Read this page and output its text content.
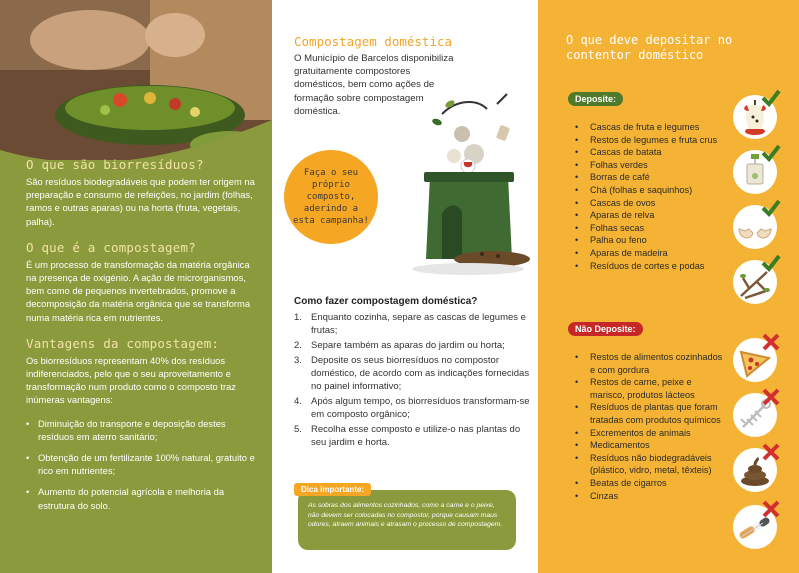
O que são biorresíduos?

São resíduos biodegradáveis que podem ter origem na preparação e consumo de refeições, no jardim (folhas, ramos e outras aparas) ou na horta (fruta, vegetais, palha).

O que é a compostagem?

É um processo de transformação da matéria orgânica na presença de oxigénio. A ação de microrganismos, bem como de pequenos invertebrados, promove a decomposição da matéria orgânica que se transforma numa matéria rica em nutrientes.

Vantagens da compostagem:

Os biorresíduos representam 40% dos resíduos indiferenciados, pelo que o seu aproveitamento e transformação num produto como o composto traz inúmeras vantagens:

• Diminuição do transporte e deposição destes resíduos em aterro sanitário;
• Obtenção de um fertilizante 100% natural, gratuito e rico em nutrientes;
• Aumento do potencial agrícola e melhoria da estrutura do solo.
Compostagem doméstica
O Município de Barcelos disponibiliza gratuitamente compostores domésticos, bem como ações de formação sobre compostagem doméstica.
Faça o seu próprio composto, aderindo a esta campanha!
Como fazer compostagem doméstica?
1. Enquanto cozinha, separe as cascas de legumes e frutas;
2. Separe também as aparas do jardim ou horta;
3. Deposite os seus biorresíduos no compostor doméstico, de acordo com as indicações fornecidas no painel informativo;
4. Após algum tempo, os biorresíduos transformam-se em composto orgânico;
5. Recolha esse composto e utilize-o nas plantas do seu jardim e horta.
Dica importante:

As sobras dos alimentos cozinhados, como a carne e o peixe, não devem ser colocadas no compostor, porque causam maus odores, atraem animais e atrasam o processo de compostagem.

O que deve depositar no contentor doméstico
Deposite:
• Cascas de fruta e legumes
• Restos de legumes e fruta crus
• Cascas de batata
• Folhas verdes
• Borras de café
• Chá (folhas e saquinhos)
• Cascas de ovos
• Aparas de relva
• Folhas secas
• Palha ou feno
• Aparas de madeira
• Resíduos de cortes e podas
Não Deposite:
• Restos de alimentos cozinhados e com gordura
• Restos de carne, peixe e marisco, produtos lácteos
• Resíduos de plantas que foram tratadas com produtos químicos
• Excrementos de animais
• Medicamentos
• Resíduos não biodegradáveis (plástico, vidro, metal, têxteis)
• Beatas de cigarros
• Cinzas
